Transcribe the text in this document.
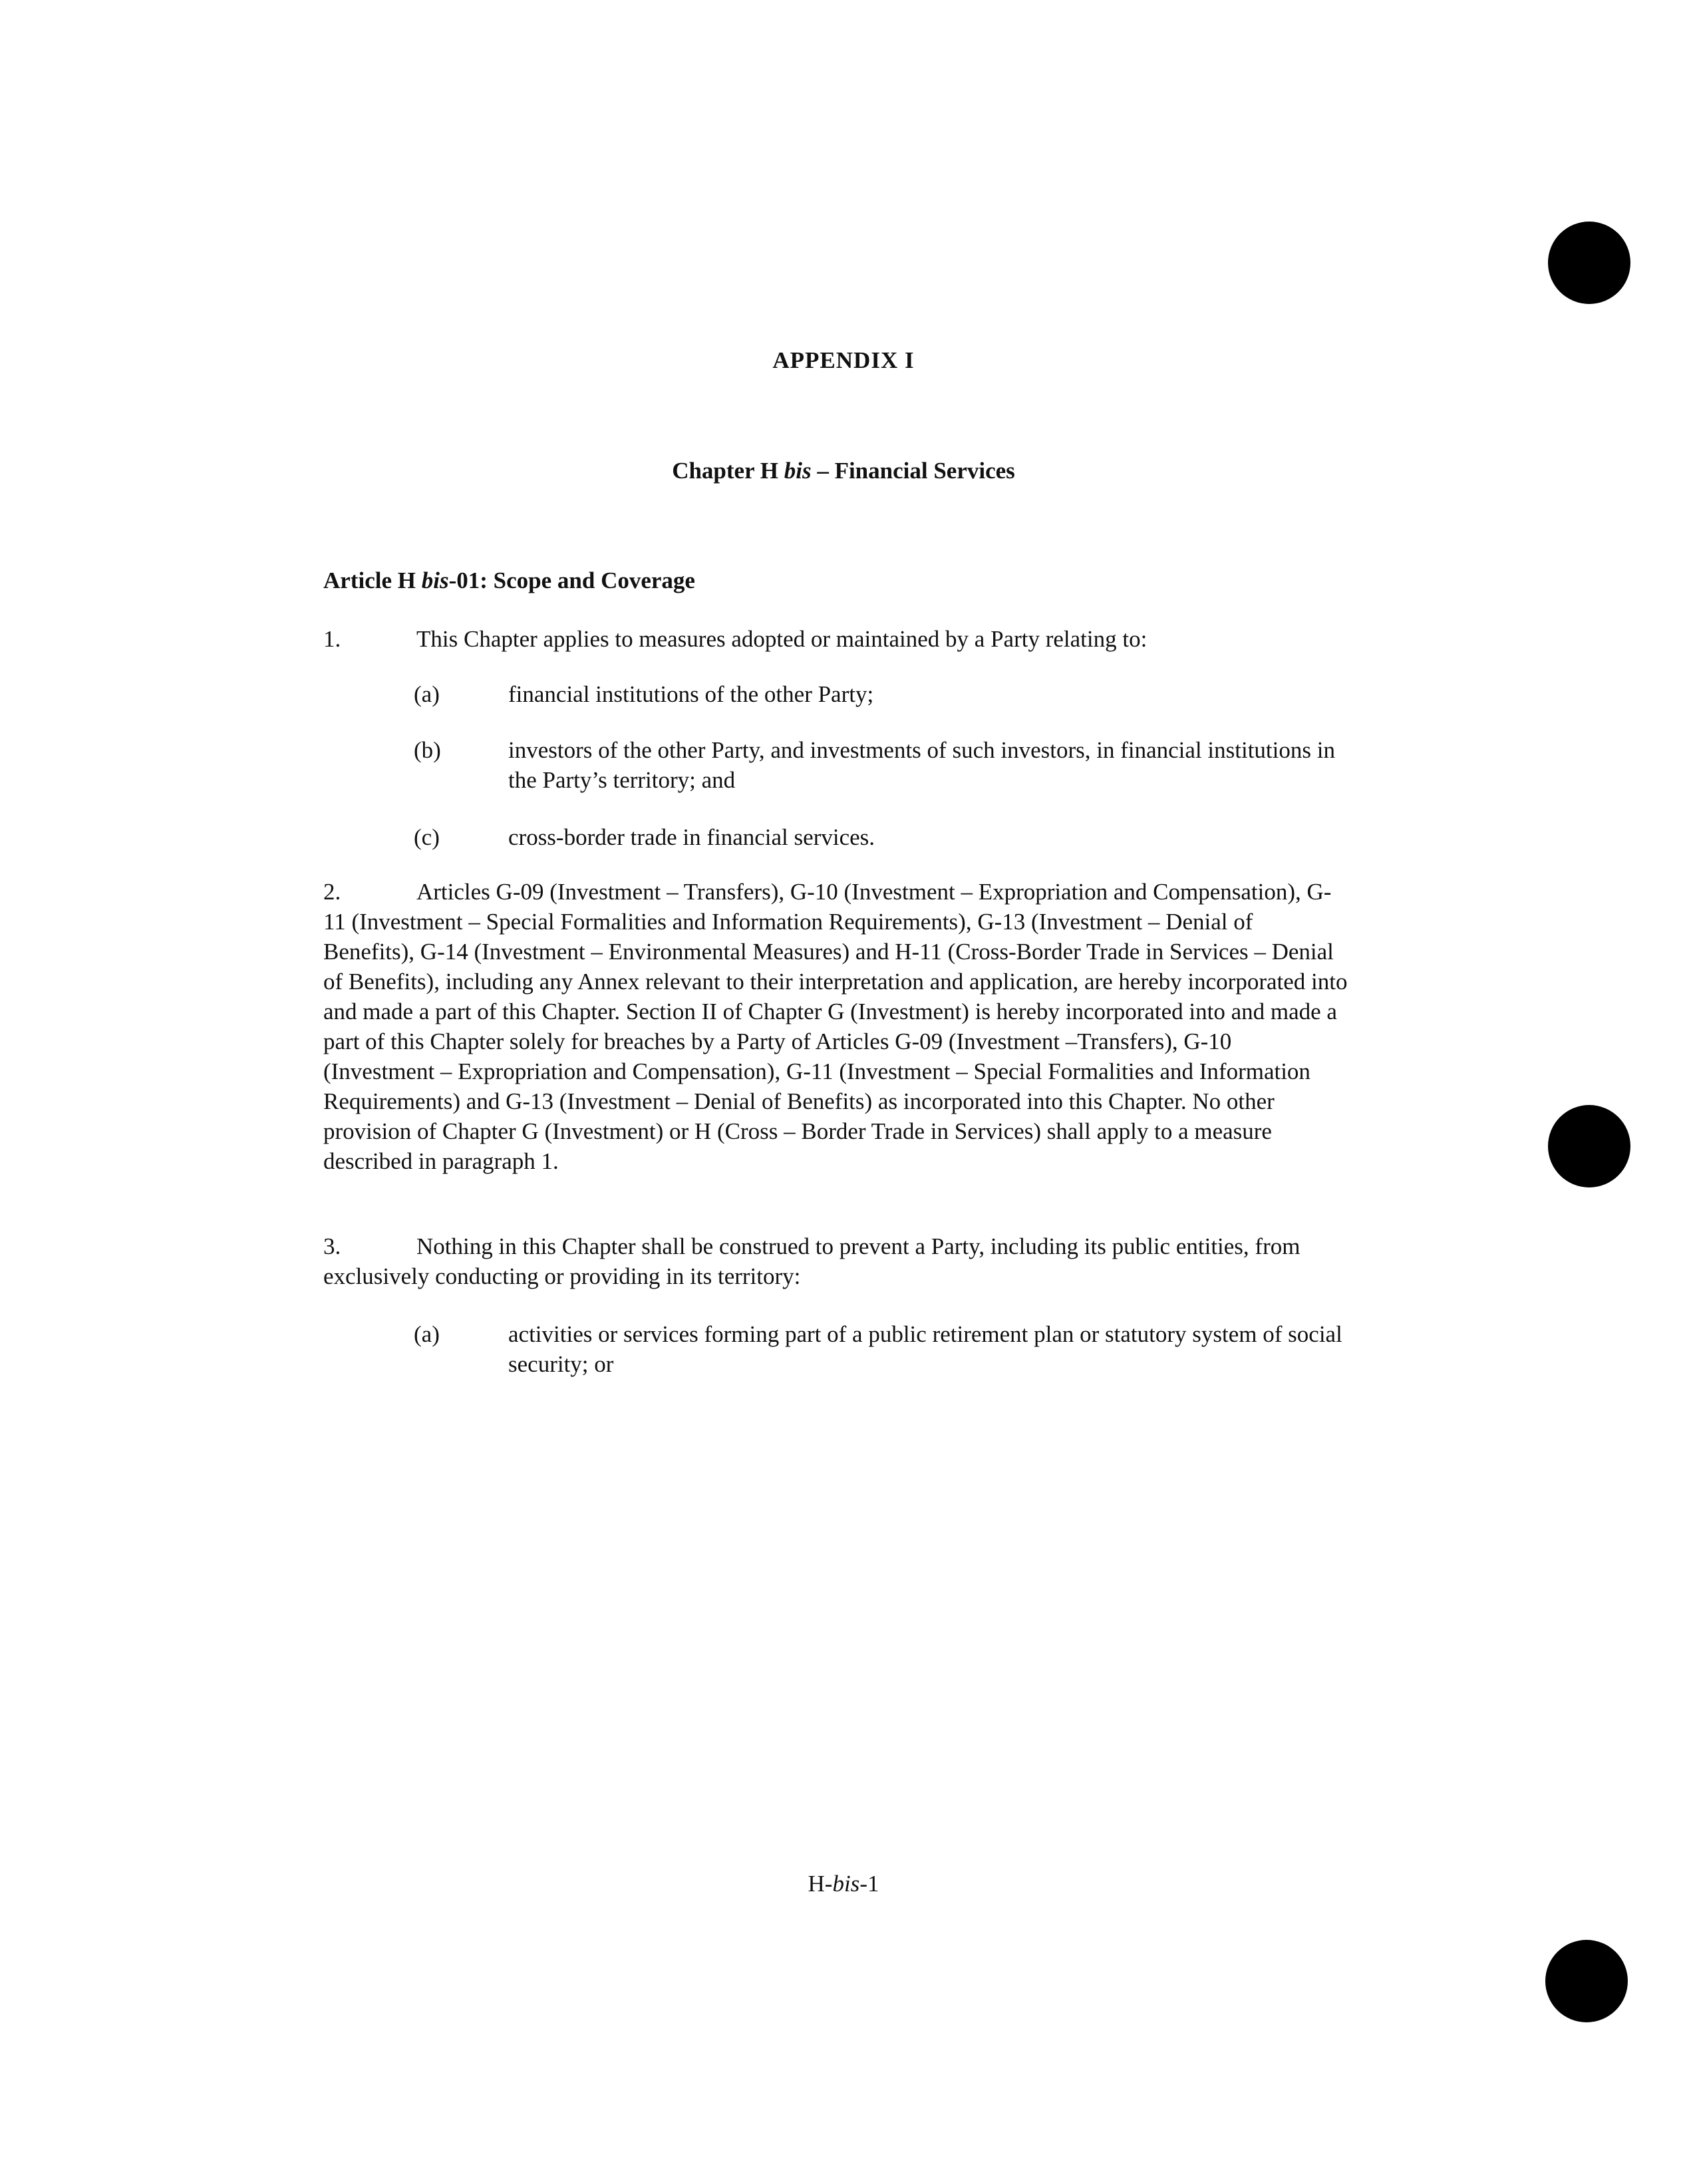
APPENDIX I
Chapter H bis – Financial Services
Article H bis-01: Scope and Coverage
1.	This Chapter applies to measures adopted or maintained by a Party relating to:
(a)	financial institutions of the other Party;
(b)	investors of the other Party, and investments of such investors, in financial institutions in the Party’s territory; and
(c)	cross-border trade in financial services.
2.	Articles G-09 (Investment – Transfers), G-10 (Investment – Expropriation and Compensation), G-11 (Investment – Special Formalities and Information Requirements), G-13 (Investment – Denial of Benefits), G-14 (Investment – Environmental Measures) and H-11 (Cross-Border Trade in Services – Denial of Benefits), including any Annex relevant to their interpretation and application, are hereby incorporated into and made a part of this Chapter. Section II of Chapter G (Investment) is hereby incorporated into and made a part of this Chapter solely for breaches by a Party of Articles G-09 (Investment –Transfers), G-10 (Investment – Expropriation and Compensation), G-11 (Investment – Special Formalities and Information Requirements) and G-13 (Investment – Denial of Benefits) as incorporated into this Chapter. No other provision of Chapter G (Investment) or H (Cross – Border Trade in Services) shall apply to a measure described in paragraph 1.
3.	Nothing in this Chapter shall be construed to prevent a Party, including its public entities, from exclusively conducting or providing in its territory:
(a)	activities or services forming part of a public retirement plan or statutory system of social security; or
H-bis-1
